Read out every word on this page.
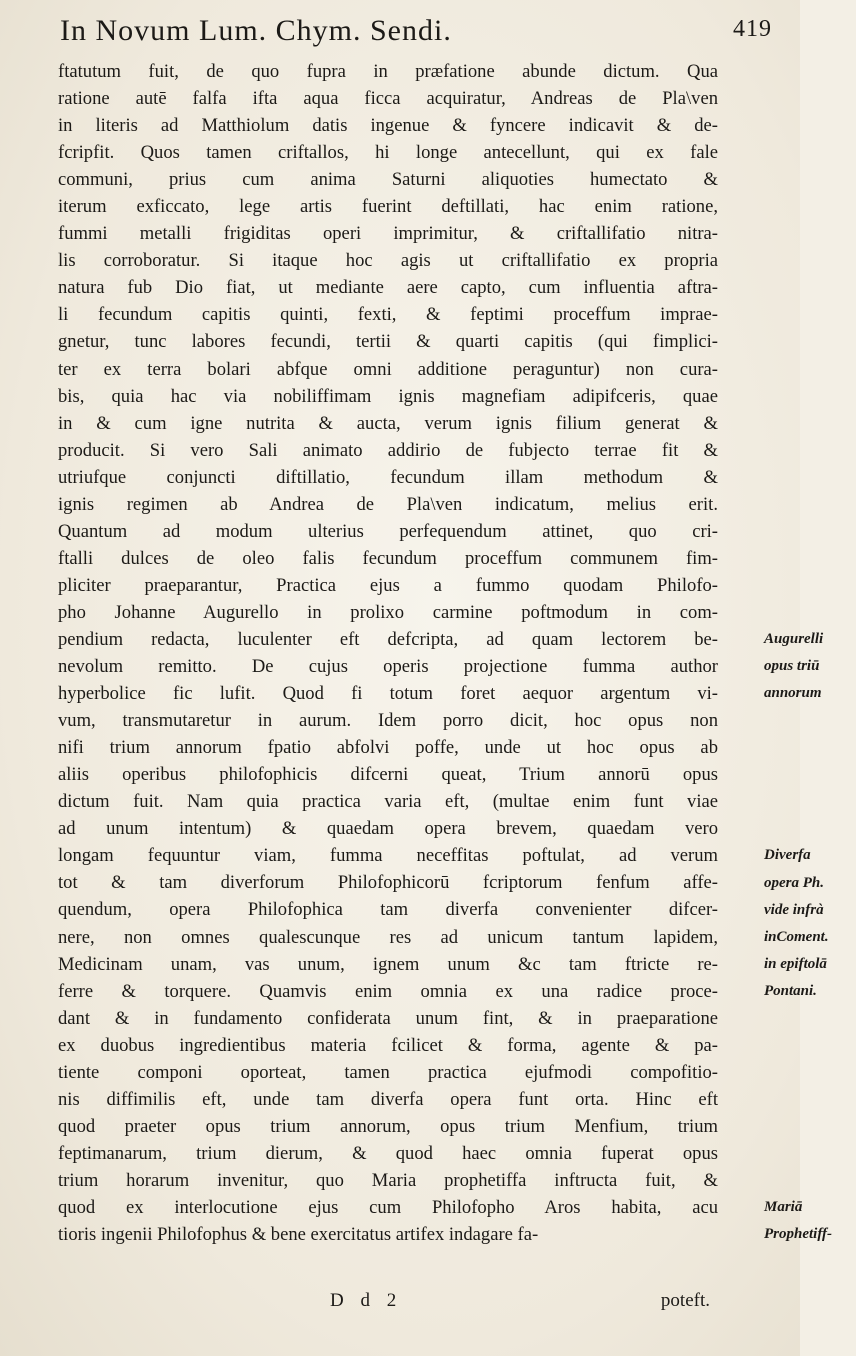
In Novum Lum. Chym. Sendi.	419
ftatutum fuit, de quo fupra in præfatione abunde dictum. Qua
ratione autē falfa ifta aqua ficca acquiratur, Andreas de Pla\ven
in literis ad Matthiolum datis ingenue & fyncere indicavit & de-
fcripfit. Quos tamen criftallos, hi longe antecellunt, qui ex fale
communi, prius cum anima Saturni aliquoties humectato &
iterum exficcato, lege artis fuerint deftillati, hac enim ratione,
fummi metalli frigiditas operi imprimitur, & criftallifatio nitra-
lis corroboratur. Si itaque hoc agis ut criftallifatio ex propria
natura fub Dio fiat, ut mediante aere capto, cum influentia aftra-
li fecundum capitis quinti, fexti, & feptimi proceffum imprae-
gnetur, tunc labores fecundi, tertii & quarti capitis (qui fimplici-
ter ex terra bolari abfque omni additione peraguntur) non cura-
bis, quia hac via nobiliffimam ignis magnefiam adipifceris, quae
in & cum igne nutrita & aucta, verum ignis filium generat &
producit. Si vero Sali animato addirio de fubjecto terrae fit &
utriufque conjuncti diftillatio, fecundum illam methodum &
ignis regimen ab Andrea de Pla\ven indicatum, melius erit.
Quantum ad modum ulterius perfequendum attinet, quo cri-
ftalli dulces de oleo falis fecundum proceffum communem fim-
pliciter praeparantur, Practica ejus a fummo quodam Philofo-
pho Johanne Augurello in prolixo carmine poftmodum in com-
pendium redacta, luculenter eft defcripta, ad quam lectorem be-
nevolum remitto. De cujus operis projectione fumma author
hyperbolice fic lufit. Quod fi totum foret aequor argentum vi-
vum, transmutaretur in aurum. Idem porro dicit, hoc opus non
nifi trium annorum fpatio abfolvi poffe, unde ut hoc opus ab
aliis operibus philofophicis difcerni queat, Trium annorū opus
dictum fuit. Nam quia practica varia eft, (multae enim funt viae
ad unum intentum) & quaedam opera brevem, quaedam vero
longam fequuntur viam, fumma neceffitas poftulat, ad verum
tot & tam diverforum Philofophicorū fcriptorum fenfum affe-
quendum, opera Philofophica tam diverfa convenienter difcer-
nere, non omnes qualescunque res ad unicum tantum lapidem,
Medicinam unam, vas unum, ignem unum &c tam ftricte re-
ferre & torquere. Quamvis enim omnia ex una radice proce-
dant & in fundamento confiderata unum fint, & in praeparatione
ex duobus ingredientibus materia fcilicet & forma, agente & pa-
tiente componi oporteat, tamen practica ejufmodi compofitio-
nis diffimilis eft, unde tam diverfa opera funt orta. Hinc eft
quod praeter opus trium annorum, opus trium Menfium, trium
feptimanarum, trium dierum, & quod haec omnia fuperat opus
trium horarum invenitur, quo Maria prophetiffa inftructa fuit, &
quod ex interlocutione ejus cum Philofopho Aros habita, acu
tioris ingenii Philofophus & bene exercitatus artifex indagare fa-
Augurelli
opus triū
annorum
Diverfa
opera Ph.
vide infrà
inComent.
in epiftolā
Pontani.
Mariā
Prophetiff-
D d 2	poteft.
